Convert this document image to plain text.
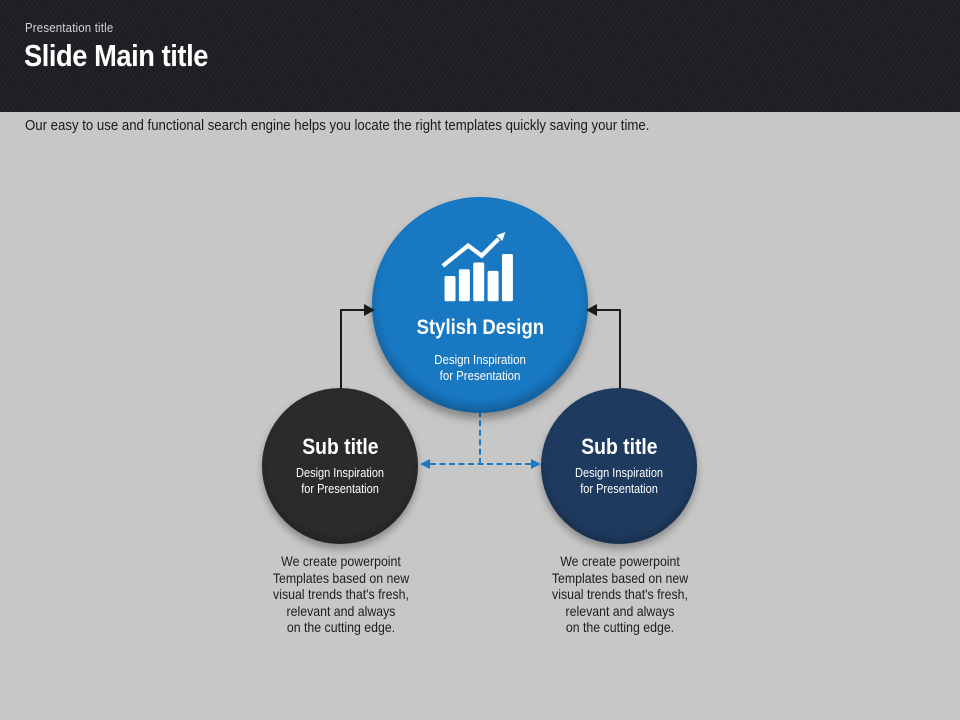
Presentation title
Slide Main title
Our easy to use and functional search engine helps you locate the right templates quickly saving your time.
Stylish Design
Design Inspiration
for Presentation
Sub title
Design Inspiration
for Presentation
Sub title
Design Inspiration
for Presentation
We create powerpoint
Templates based on new
visual trends that's fresh,
relevant and always
on the cutting edge.
We create powerpoint
Templates based on new
visual trends that's fresh,
relevant and always
on the cutting edge.
